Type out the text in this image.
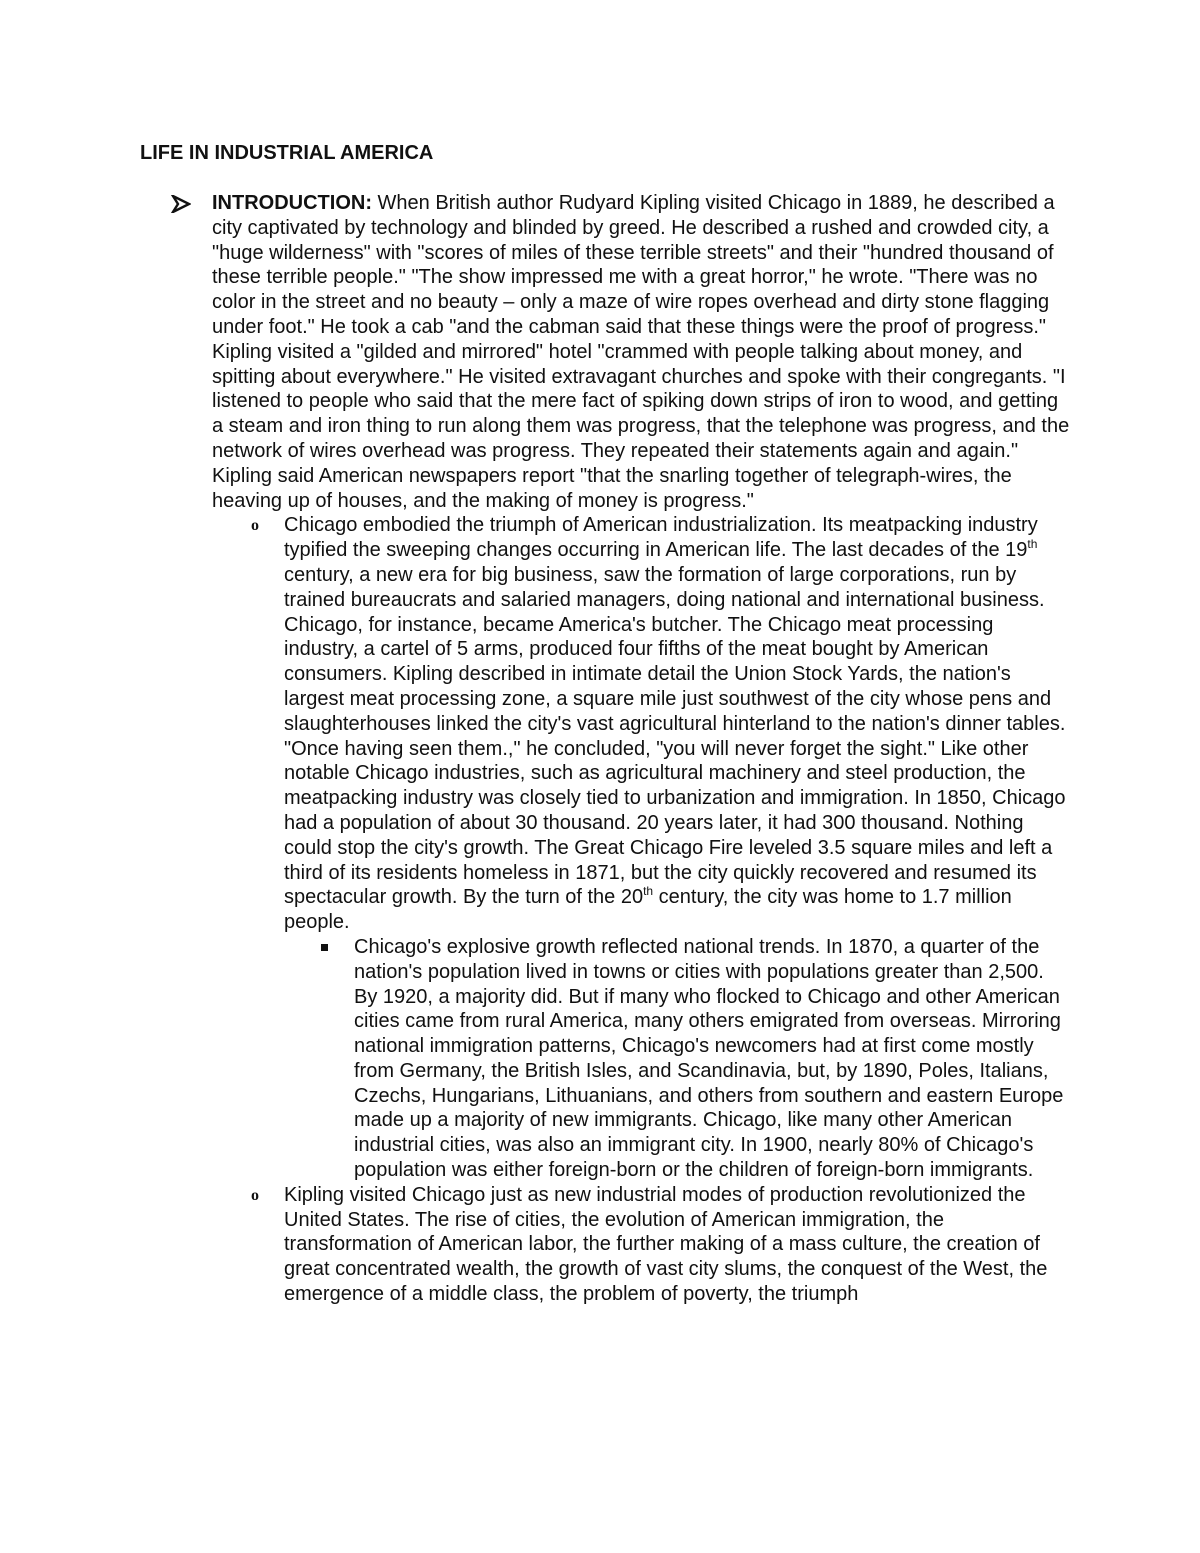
LIFE IN INDUSTRIAL AMERICA

INTRODUCTION: When British author Rudyard Kipling visited Chicago in 1889, he described a city captivated by technology and blinded by greed. He described a rushed and crowded city, a "huge wilderness" with "scores of miles of these terrible streets" and their "hundred thousand of these terrible people." "The show impressed me with a great horror," he wrote. "There was no color in the street and no beauty – only a maze of wire ropes overhead and dirty stone flagging under foot." He took a cab "and the cabman said that these things were the proof of progress." Kipling visited a "gilded and mirrored" hotel "crammed with people talking about money, and spitting about everywhere." He visited extravagant churches and spoke with their congregants. "I listened to people who said that the mere fact of spiking down strips of iron to wood, and getting a steam and iron thing to run along them was progress, that the telephone was progress, and the network of wires overhead was progress. They repeated their statements again and again." Kipling said American newspapers report "that the snarling together of telegraph-wires, the heaving up of houses, and the making of money is progress."

o Chicago embodied the triumph of American industrialization. Its meatpacking industry typified the sweeping changes occurring in American life. The last decades of the 19th century, a new era for big business, saw the formation of large corporations, run by trained bureaucrats and salaried managers, doing national and international business. Chicago, for instance, became America's butcher. The Chicago meat processing industry, a cartel of 5 arms, produced four fifths of the meat bought by American consumers. Kipling described in intimate detail the Union Stock Yards, the nation's largest meat processing zone, a square mile just southwest of the city whose pens and slaughterhouses linked the city's vast agricultural hinterland to the nation's dinner tables. "Once having seen them.," he concluded, "you will never forget the sight." Like other notable Chicago industries, such as agricultural machinery and steel production, the meatpacking industry was closely tied to urbanization and immigration. In 1850, Chicago had a population of about 30 thousand. 20 years later, it had 300 thousand. Nothing could stop the city's growth. The Great Chicago Fire leveled 3.5 square miles and left a third of its residents homeless in 1871, but the city quickly recovered and resumed its spectacular growth. By the turn of the 20th century, the city was home to 1.7 million people.

Chicago's explosive growth reflected national trends. In 1870, a quarter of the nation's population lived in towns or cities with populations greater than 2,500. By 1920, a majority did. But if many who flocked to Chicago and other American cities came from rural America, many others emigrated from overseas. Mirroring national immigration patterns, Chicago's newcomers had at first come mostly from Germany, the British Isles, and Scandinavia, but, by 1890, Poles, Italians, Czechs, Hungarians, Lithuanians, and others from southern and eastern Europe made up a majority of new immigrants. Chicago, like many other American industrial cities, was also an immigrant city. In 1900, nearly 80% of Chicago's population was either foreign-born or the children of foreign-born immigrants.

o Kipling visited Chicago just as new industrial modes of production revolutionized the United States. The rise of cities, the evolution of American immigration, the transformation of American labor, the further making of a mass culture, the creation of great concentrated wealth, the growth of vast city slums, the conquest of the West, the emergence of a middle class, the problem of poverty, the triumph
